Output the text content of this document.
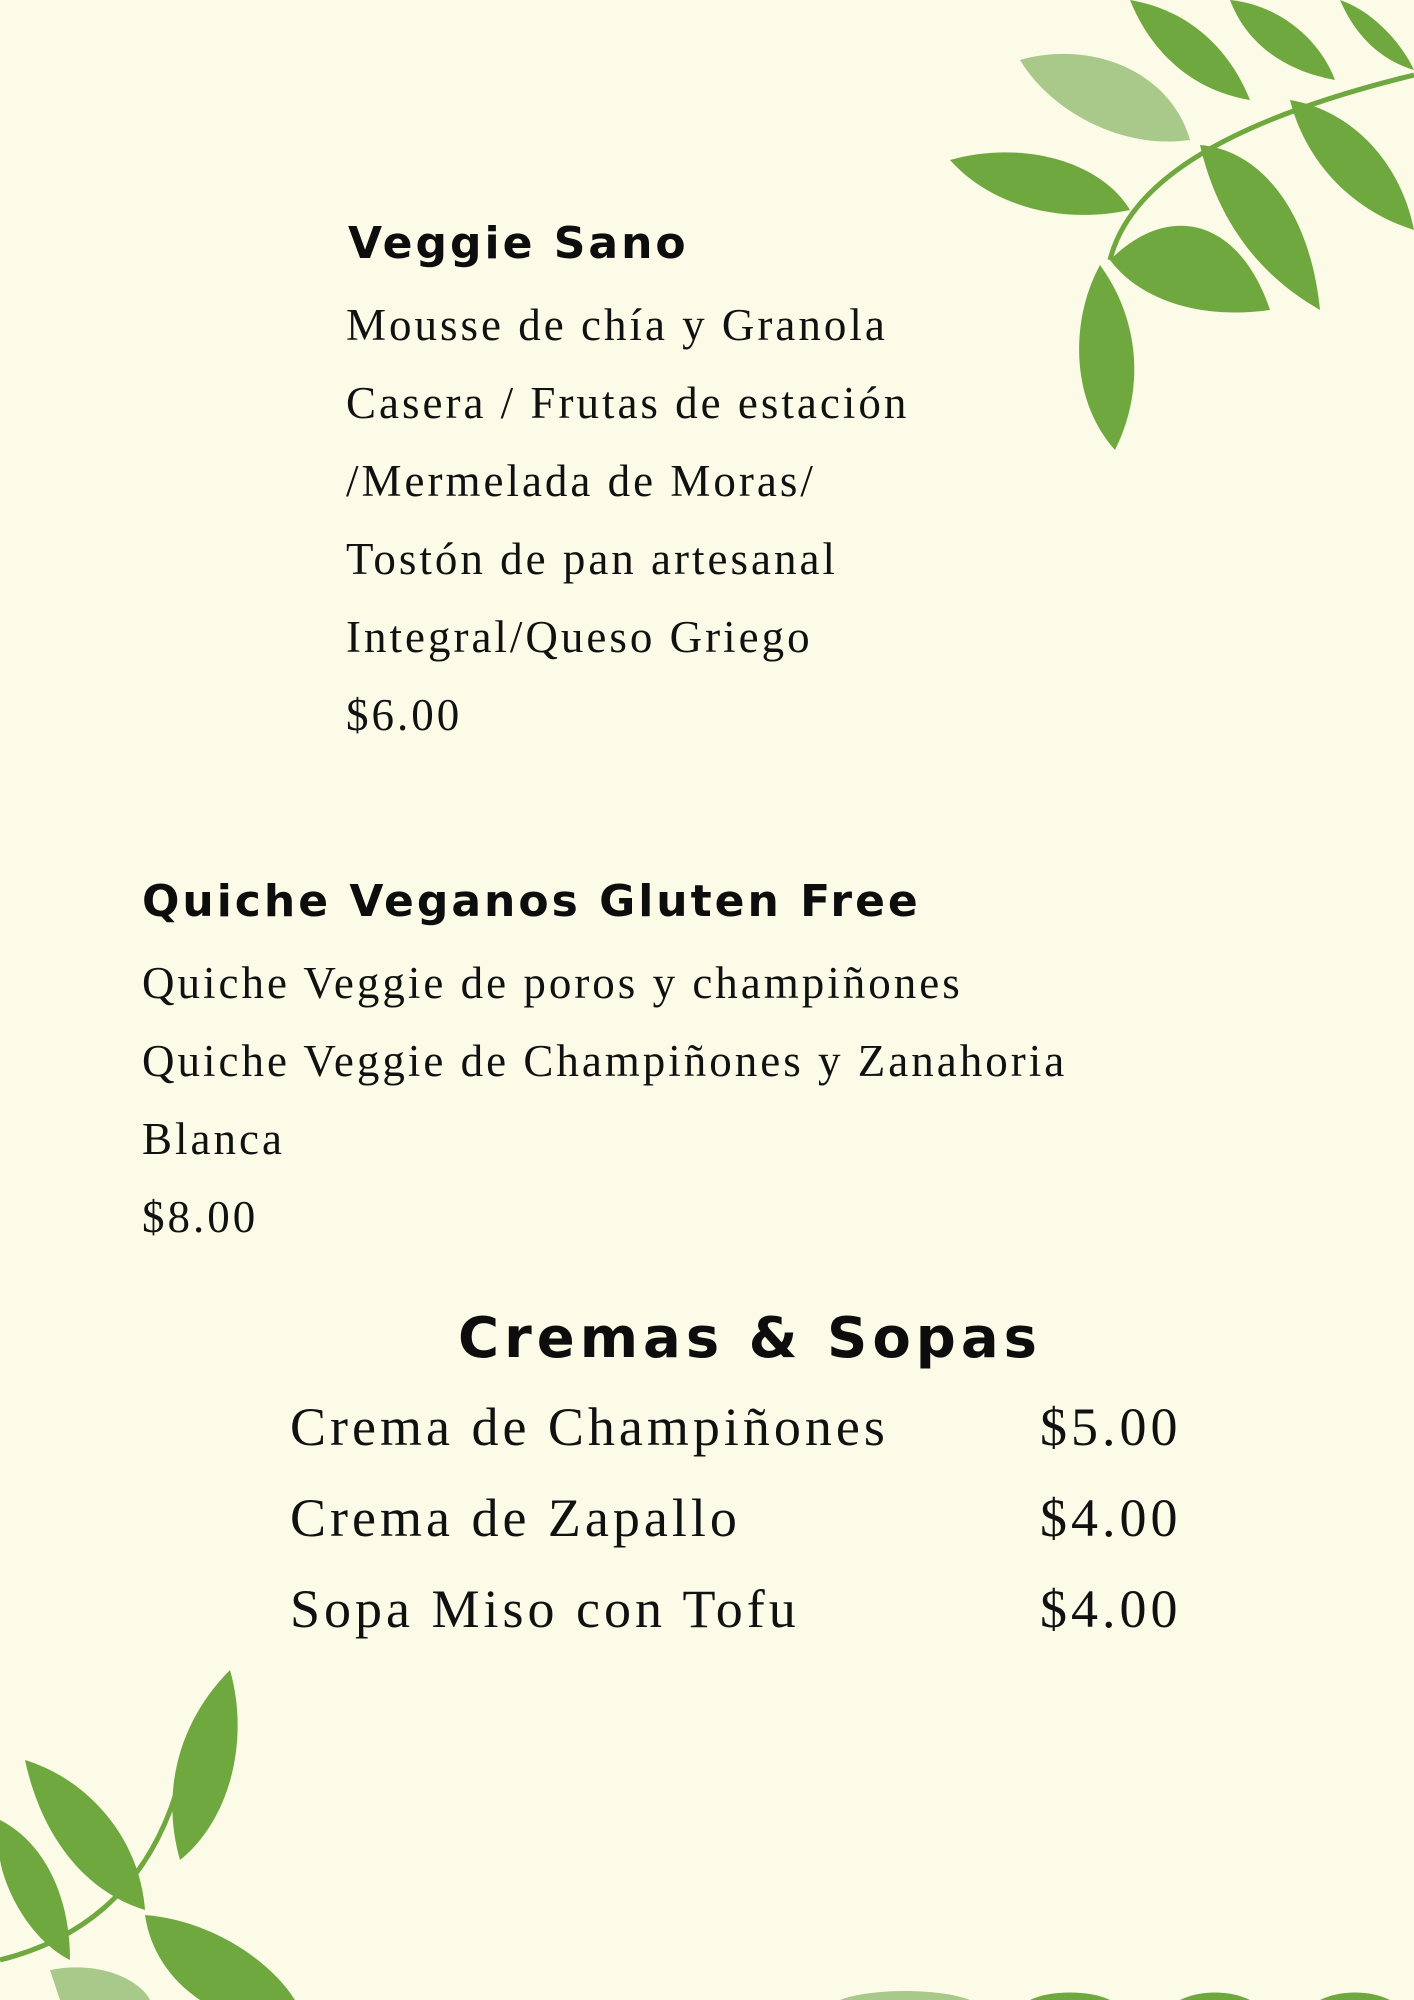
Veggie Sano
Mousse de chía y Granola
Casera / Frutas de estación
/Mermelada de Moras/
Tostón de pan artesanal
Integral/Queso Griego
$6.00
Quiche Veganos Gluten Free
Quiche Veggie de poros y champiñones
Quiche Veggie de Champiñones y Zanahoria
Blanca
$8.00
Cremas & Sopas
Crema de Champiñones	$5.00
Crema de Zapallo	$4.00
Sopa Miso con Tofu	$4.00
